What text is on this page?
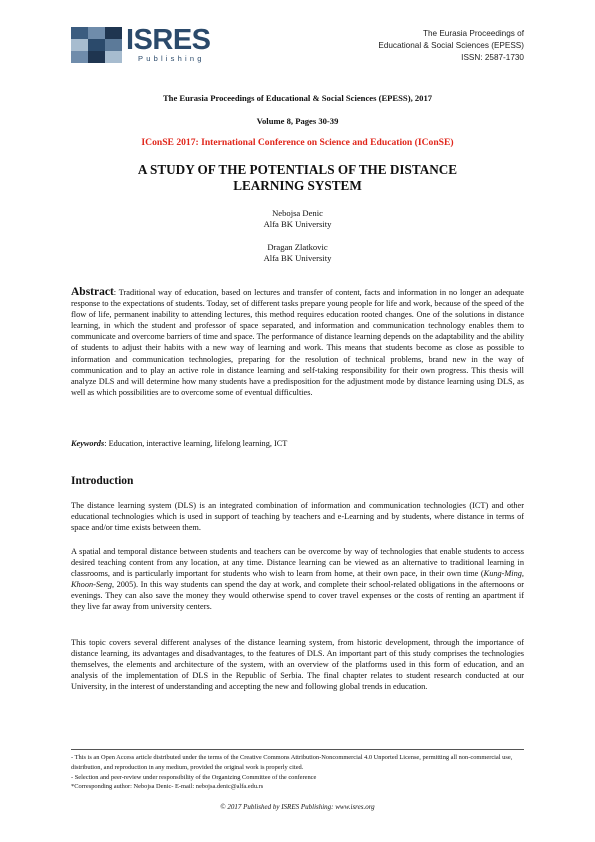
ISRES
Publishing
The Eurasia Proceedings of
Educational & Social Sciences (EPESS)
ISSN: 2587-1730
The Eurasia Proceedings of Educational & Social Sciences (EPESS), 2017
Volume 8, Pages 30-39
IConSE 2017: International Conference on Science and Education (IConSE)
A STUDY OF THE POTENTIALS OF THE DISTANCE
LEARNING SYSTEM
Nebojsa Denic
Alfa BK University
Dragan Zlatkovic
Alfa BK University
Abstract: Traditional way of education, based on lectures and transfer of content, facts and information in no longer an adequate response to the expectations of students. Today, set of different tasks prepare young people for life and work, because of the speed of the flow of life, permanent inability to attending lectures, this method requires education rooted changes. One of the solutions in distance learning, in which the student and professor of space separated, and information and communication technology enables them to communicate and overcome barriers of time and space. The performance of distance learning depends on the adaptability and the ability of students to adjust their habits with a new way of learning and work. This means that students become as close as possible to information and communication technologies, preparing for the resolution of technical problems, brand new in the way of communication and to play an active role in distance learning and self-taking responsibility for their own progress. This thesis will analyze DLS and will determine how many students have a predisposition for the adjustment mode by distance learning using DLS, as well as which possibilities are to overcome some of eventual difficulties.
Keywords: Education, interactive learning, lifelong learning, ICT
Introduction

The distance learning system (DLS) is an integrated combination of information and communication technologies (ICT) and other educational technologies which is used in support of teaching by teachers and e-Learning and by students, where distance in terms of space and/or time exists between them.

A spatial and temporal distance between students and teachers can be overcome by way of technologies that enable students to access desired teaching content from any location, at any time. Distance learning can be viewed as an alternative to traditional learning in classrooms, and is particularly important for students who wish to learn from home, at their own pace, in their own time (Kung-Ming, Khoon-Seng, 2005). In this way students can spend the day at work, and complete their school-related obligations in the afternoons or evenings. They can also save the money they would otherwise spend to cover travel expenses or the costs of renting an apartment if they live far away from university centers.

This topic covers several different analyses of the distance learning system, from historic development, through the importance of distance learning, its advantages and disadvantages, to the features of DLS. An important part of this study comprises the technologies themselves, the elements and architecture of the system, with an overview of the platforms used in this form of education, and an analysis of the implementation of DLS in the Republic of Serbia. The final chapter relates to student research conducted at our University, in the interest of understanding and accepting the new and following global trends in education.

- This is an Open Access article distributed under the terms of the Creative Commons Attribution-Noncommercial 4.0 Unported License, permitting all non-commercial use, distribution, and reproduction in any medium, provided the original work is properly cited.
- Selection and peer-review under responsibility of the Organizing Committee of the conference
*Corresponding author: Nebojsa Denic- E-mail: nebojsa.denic@alfa.edu.rs
© 2017 Published by ISRES Publishing: www.isres.org
